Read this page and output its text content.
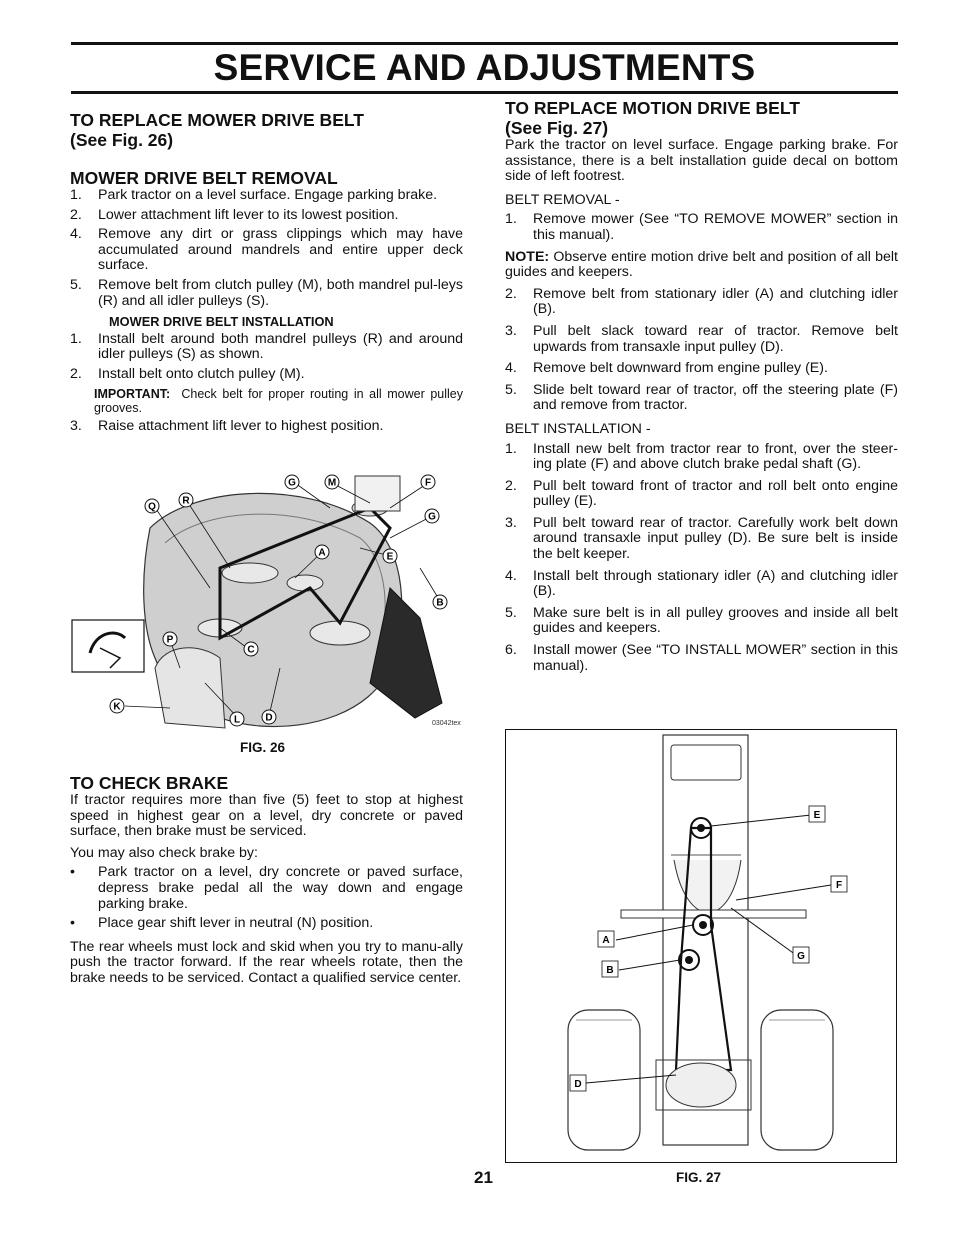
SERVICE AND ADJUSTMENTS
TO REPLACE MOWER DRIVE BELT
(See Fig. 26)
MOWER DRIVE BELT REMOVAL
1. Park tractor on a level surface. Engage parking brake.
2. Lower attachment lift lever to its lowest position.
4. Remove any dirt or grass clippings which may have accumulated around mandrels and entire upper deck surface.
5. Remove belt from clutch pulley (M), both mandrel pul-leys (R) and all idler pulleys (S).
MOWER DRIVE BELT INSTALLATION
1. Install belt around both mandrel pulleys (R) and around idler pulleys (S) as shown.
2. Install belt onto clutch pulley (M).

IMPORTANT: Check belt for proper routing in all mower pulley grooves.

3. Raise attachment lift lever to highest position.
G	M	F
Q
R
G
A	E
B
P
C
K
L	D	03042tex
FIG. 26
TO CHECK BRAKE

If tractor requires more than five (5) feet to stop at highest speed in highest gear on a level, dry concrete or paved surface, then brake must be serviced.

You may also check brake by:

• Park tractor on a level, dry concrete or paved surface, depress brake pedal all the way down and engage parking brake.
• Place gear shift lever in neutral (N) position.

The rear wheels must lock and skid when you try to manu-ally push the tractor forward. If the rear wheels rotate, then the brake needs to be serviced. Contact a qualified service center.

TO REPLACE MOTION DRIVE BELT
(See Fig. 27)

Park the tractor on level surface. Engage parking brake. For assistance, there is a belt installation guide decal on bottom side of left footrest.

BELT REMOVAL -

1. Remove mower (See “TO REMOVE MOWER” section in this manual).

NOTE: Observe entire motion drive belt and position of all belt guides and keepers.

2. Remove belt from stationary idler (A) and clutching idler (B).
3. Pull belt slack toward rear of tractor. Remove belt upwards from transaxle input pulley (D).
4. Remove belt downward from engine pulley (E).
5. Slide belt toward rear of tractor, off the steering plate (F) and remove from tractor.

BELT INSTALLATION -

1. Install new belt from tractor rear to front, over the steer-ing plate (F) and above clutch brake pedal shaft (G).
2. Pull belt toward front of tractor and roll belt onto engine pulley (E).
3. Pull belt toward rear of tractor. Carefully work belt down around transaxle input pulley (D). Be sure belt is inside the belt keeper.
4. Install belt through stationary idler (A) and clutching idler (B).
5. Make sure belt is in all pulley grooves and inside all belt guides and keepers.
6. Install mower (See “TO INSTALL MOWER” section in this manual).
E
F
A
G
B
D
FIG. 27
21
